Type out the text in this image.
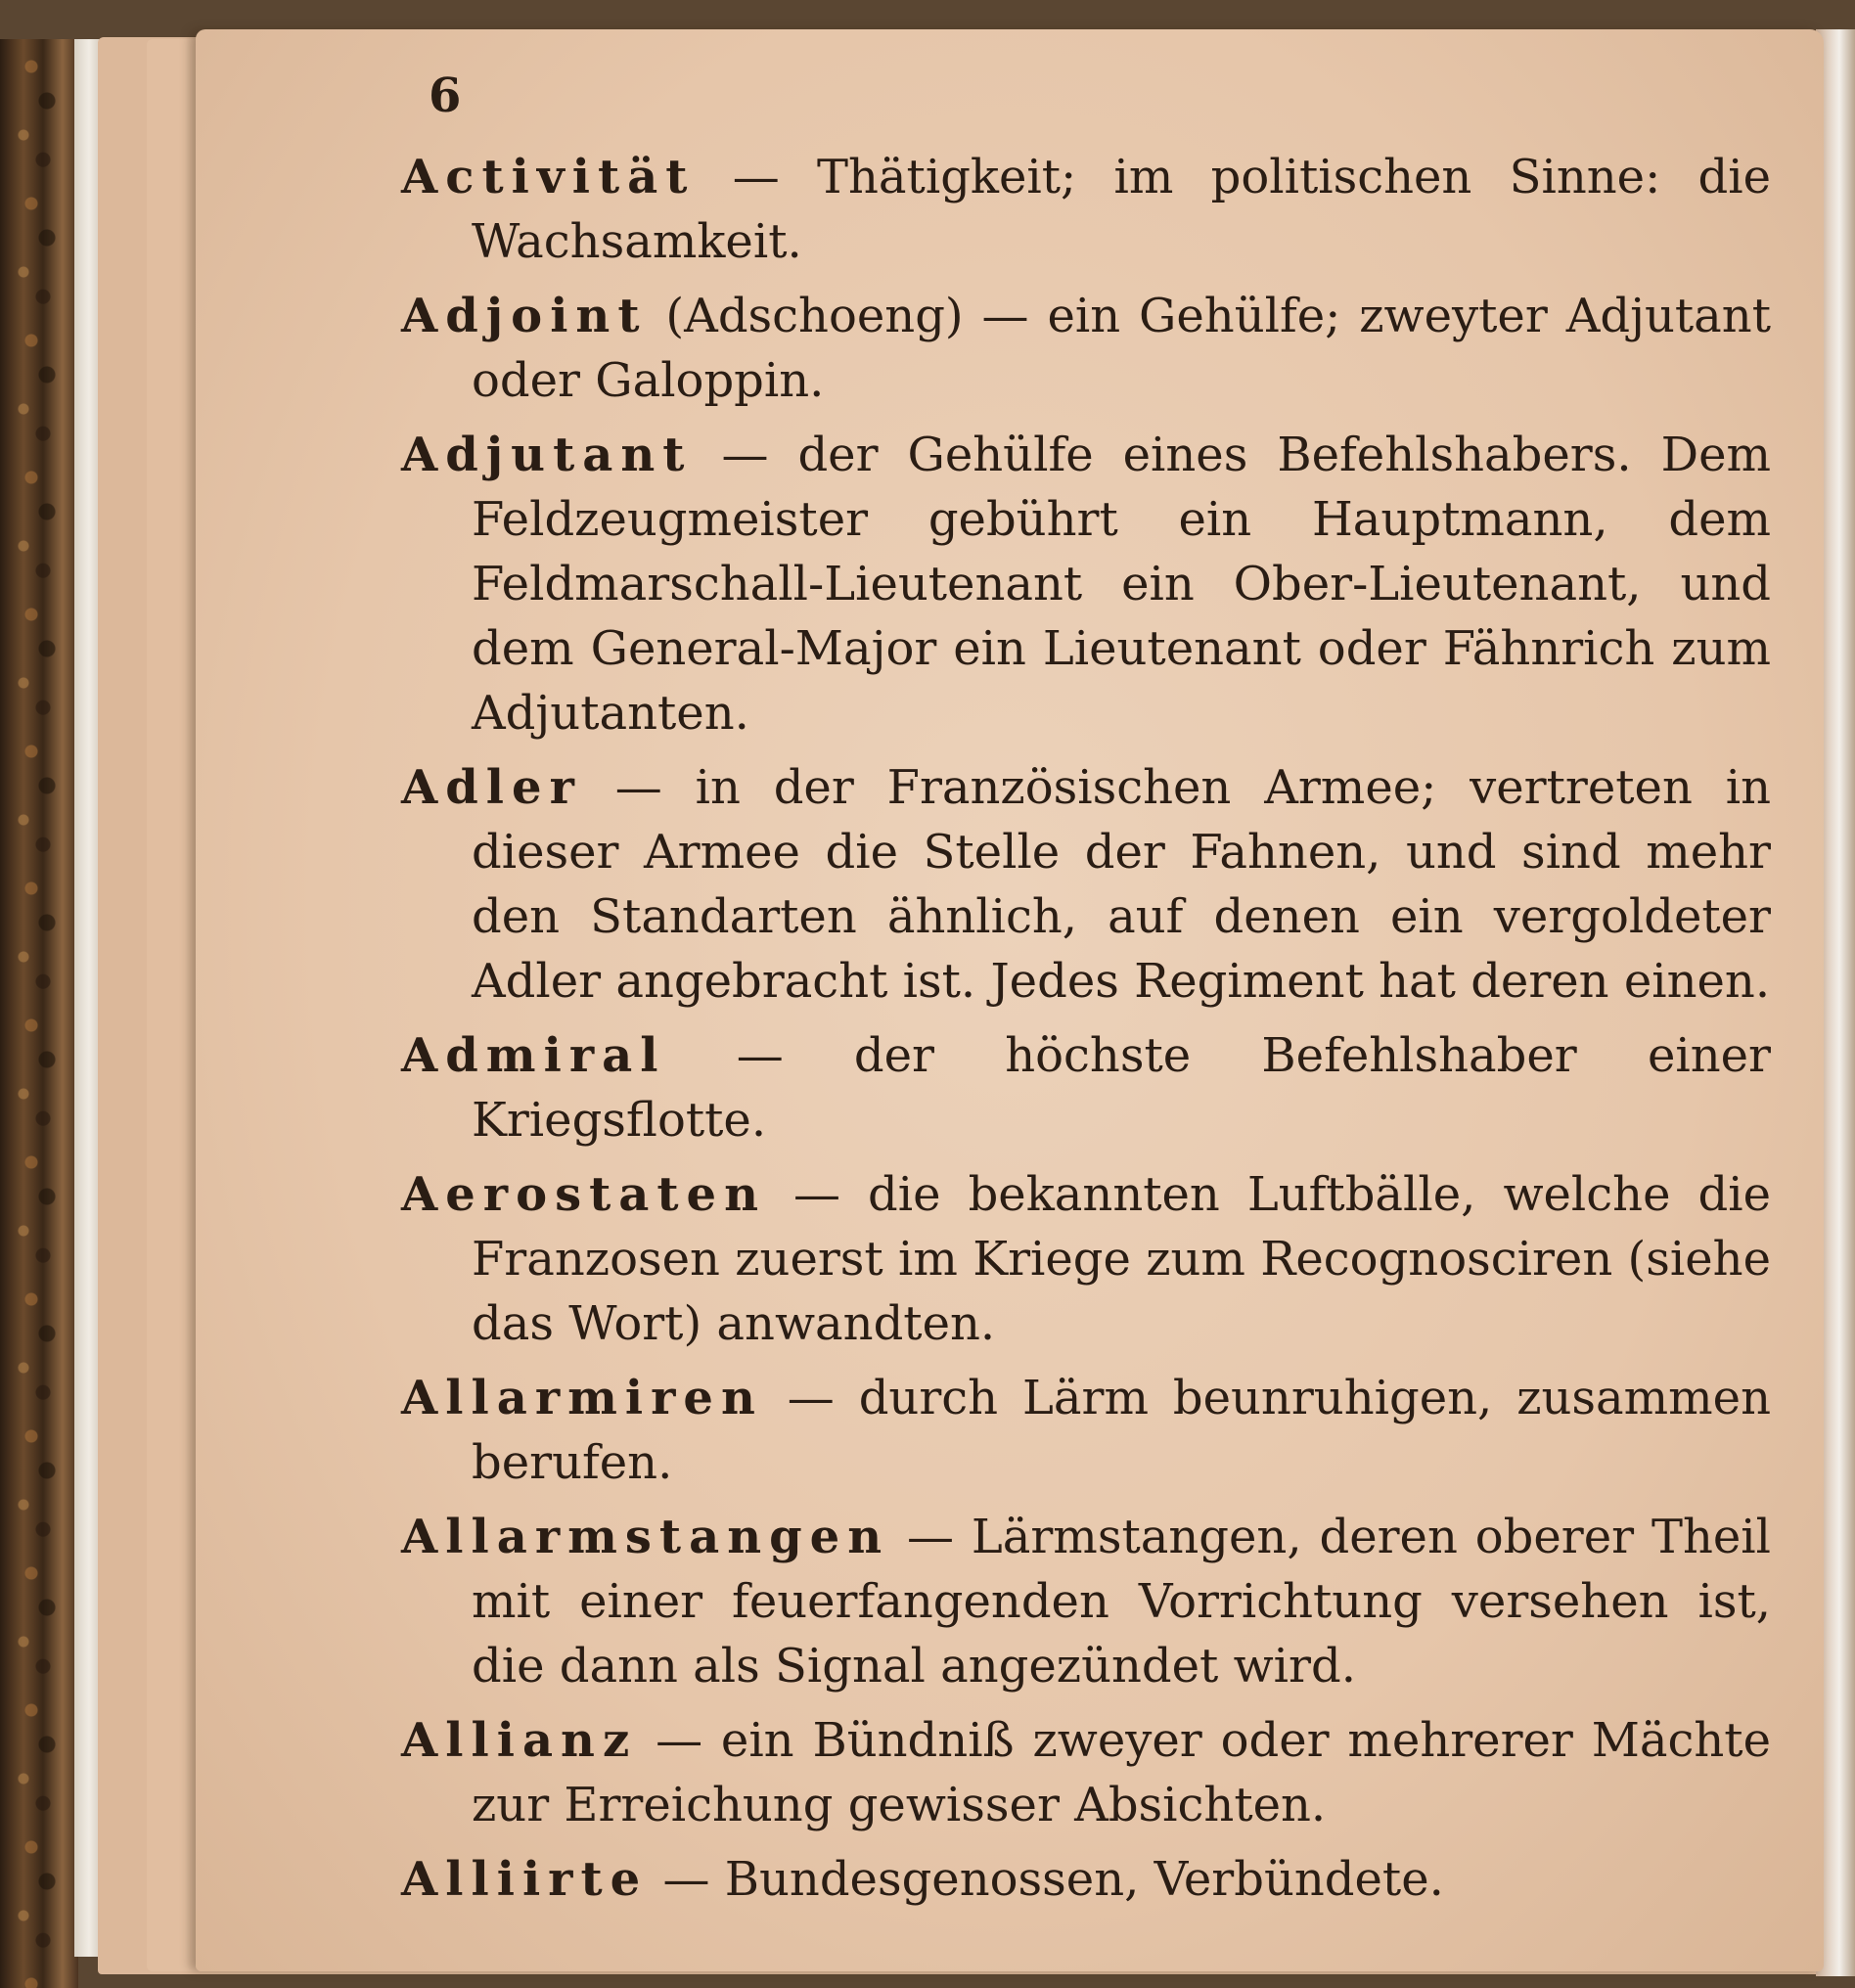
6

Activität — Thätigkeit; im politischen Sinne: die Wachsamkeit.

Adjoint (Adschoeng) — ein Gehülfe; zweyter Adjutant oder Galoppin.

Adjutant — der Gehülfe eines Befehlshabers. Dem Feldzeugmeister gebührt ein Hauptmann, dem Feldmarschall-Lieutenant ein Ober-Lieutenant, und dem General-Major ein Lieutenant oder Fähnrich zum Adjutanten.

Adler — in der Französischen Armee; vertreten in dieser Armee die Stelle der Fahnen, und sind mehr den Standarten ähnlich, auf denen ein vergoldeter Adler angebracht ist. Jedes Regiment hat deren einen.

Admiral — der höchste Befehlshaber einer Kriegsflotte.

Aerostaten — die bekannten Luftbälle, welche die Franzosen zuerst im Kriege zum Recognosciren (siehe das Wort) anwandten.

Allarmiren — durch Lärm beunruhigen, zusammen berufen.

Allarmstangen — Lärmstangen, deren oberer Theil mit einer feuerfangenden Vorrichtung versehen ist, die dann als Signal angezündet wird.

Allianz — ein Bündniß zweyer oder mehrerer Mächte zur Erreichung gewisser Absichten.

Alliirte — Bundesgenossen, Verbündete.
